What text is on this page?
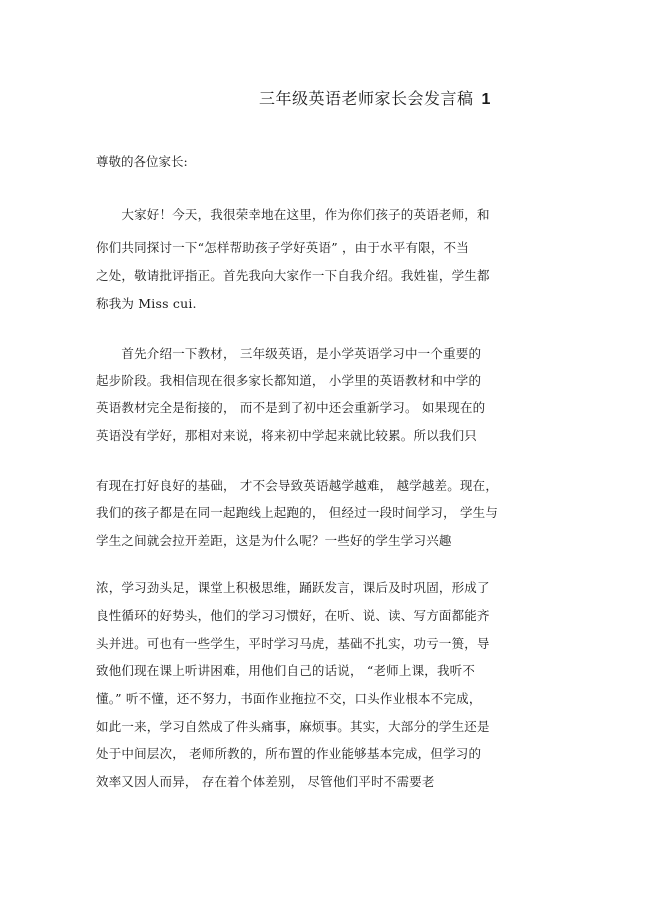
三年级英语老师家长会发言稿 1
尊敬的各位家长:
　　大家好！今天，我很荣幸地在这里，作为你们孩子的英语老师，和
你们共同探讨一下“怎样帮助孩子学好英语” ，由于水平有限，不当
之处，敬请批评指正。首先我向大家作一下自我介绍。我姓崔，学生都
称我为 Miss cui.
　　首先介绍一下教材， 三年级英语，是小学英语学习中一个重要的
起步阶段。我相信现在很多家长都知道， 小学里的英语教材和中学的
英语教材完全是衔接的， 而不是到了初中还会重新学习。 如果现在的
英语没有学好，那相对来说，将来初中学起来就比较累。所以我们只
有现在打好良好的基础， 才不会导致英语越学越难， 越学越差。现在，
我们的孩子都是在同一起跑线上起跑的， 但经过一段时间学习， 学生与
学生之间就会拉开差距，这是为什么呢？一些好的学生学习兴趣
浓，学习劲头足，课堂上积极思维，踊跃发言，课后及时巩固，形成了
良性循环的好势头，他们的学习习惯好，在听、说、读、写方面都能齐
头并进。可也有一些学生，平时学习马虎，基础不扎实，功亏一篑，导
致他们现在课上听讲困难，用他们自己的话说， “老师上课，我听不
懂。” 听不懂，还不努力，书面作业拖拉不交，口头作业根本不完成，
如此一来，学习自然成了件头痛事，麻烦事。其实，大部分的学生还是
处于中间层次， 老师所教的，所布置的作业能够基本完成，但学习的
效率又因人而异， 存在着个体差别， 尽管他们平时不需要老
